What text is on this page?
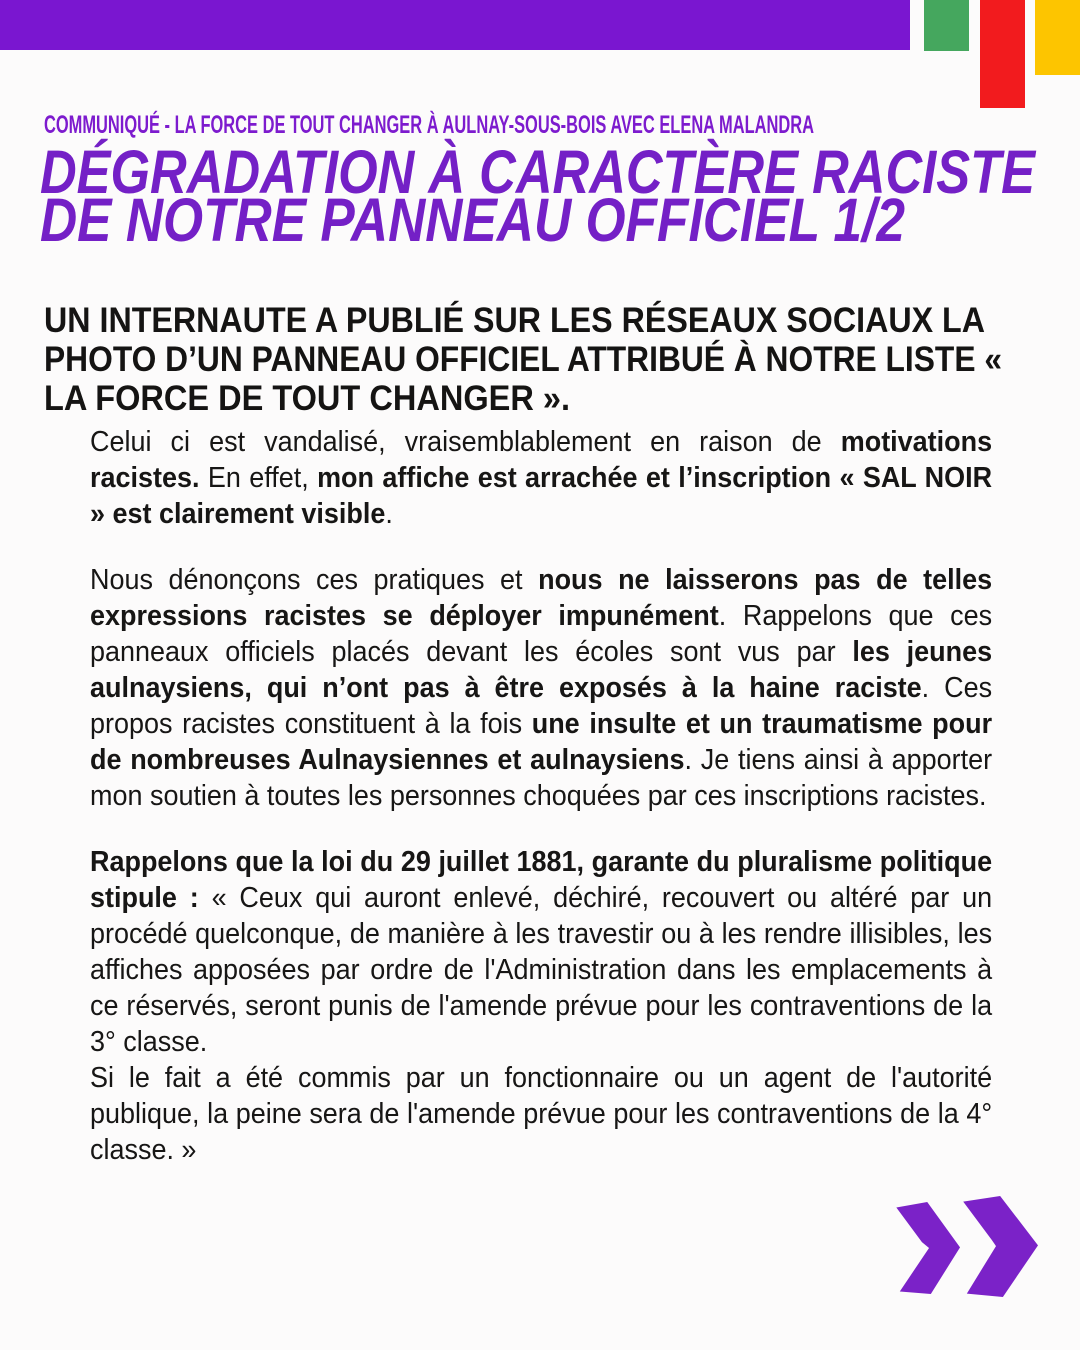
COMMUNIQUÉ - LA FORCE DE TOUT CHANGER À AULNAY-SOUS-BOIS AVEC ELENA MALANDRA
DÉGRADATION À CARACTÈRE RACISTE
DE NOTRE PANNEAU OFFICIEL 1/2
UN INTERNAUTE A PUBLIÉ SUR LES RÉSEAUX SOCIAUX LA
PHOTO D’UN PANNEAU OFFICIEL ATTRIBUÉ À NOTRE LISTE «
LA FORCE DE TOUT CHANGER ».
Celui ci est vandalisé, vraisemblablement en raison de motivations racistes. En effet, mon affiche est arrachée et l’inscription « SAL NOIR » est clairement visible.
Nous dénonçons ces pratiques et nous ne laisserons pas de telles expressions racistes se déployer impunément. Rappelons que ces panneaux officiels placés devant les écoles sont vus par les jeunes aulnaysiens, qui n’ont pas à être exposés à la haine raciste. Ces propos racistes constituent à la fois une insulte et un traumatisme pour de nombreuses Aulnaysiennes et aulnaysiens. Je tiens ainsi à apporter mon soutien à toutes les personnes choquées par ces inscriptions racistes.
Rappelons que la loi du 29 juillet 1881, garante du pluralisme politique stipule : « Ceux qui auront enlevé, déchiré, recouvert ou altéré par un procédé quelconque, de manière à les travestir ou à les rendre illisibles, les affiches apposées par ordre de l'Administration dans les emplacements à ce réservés, seront punis de l'amende prévue pour les contraventions de la 3° classe.
Si le fait a été commis par un fonctionnaire ou un agent de l'autorité publique, la peine sera de l'amende prévue pour les contraventions de la 4° classe. »
